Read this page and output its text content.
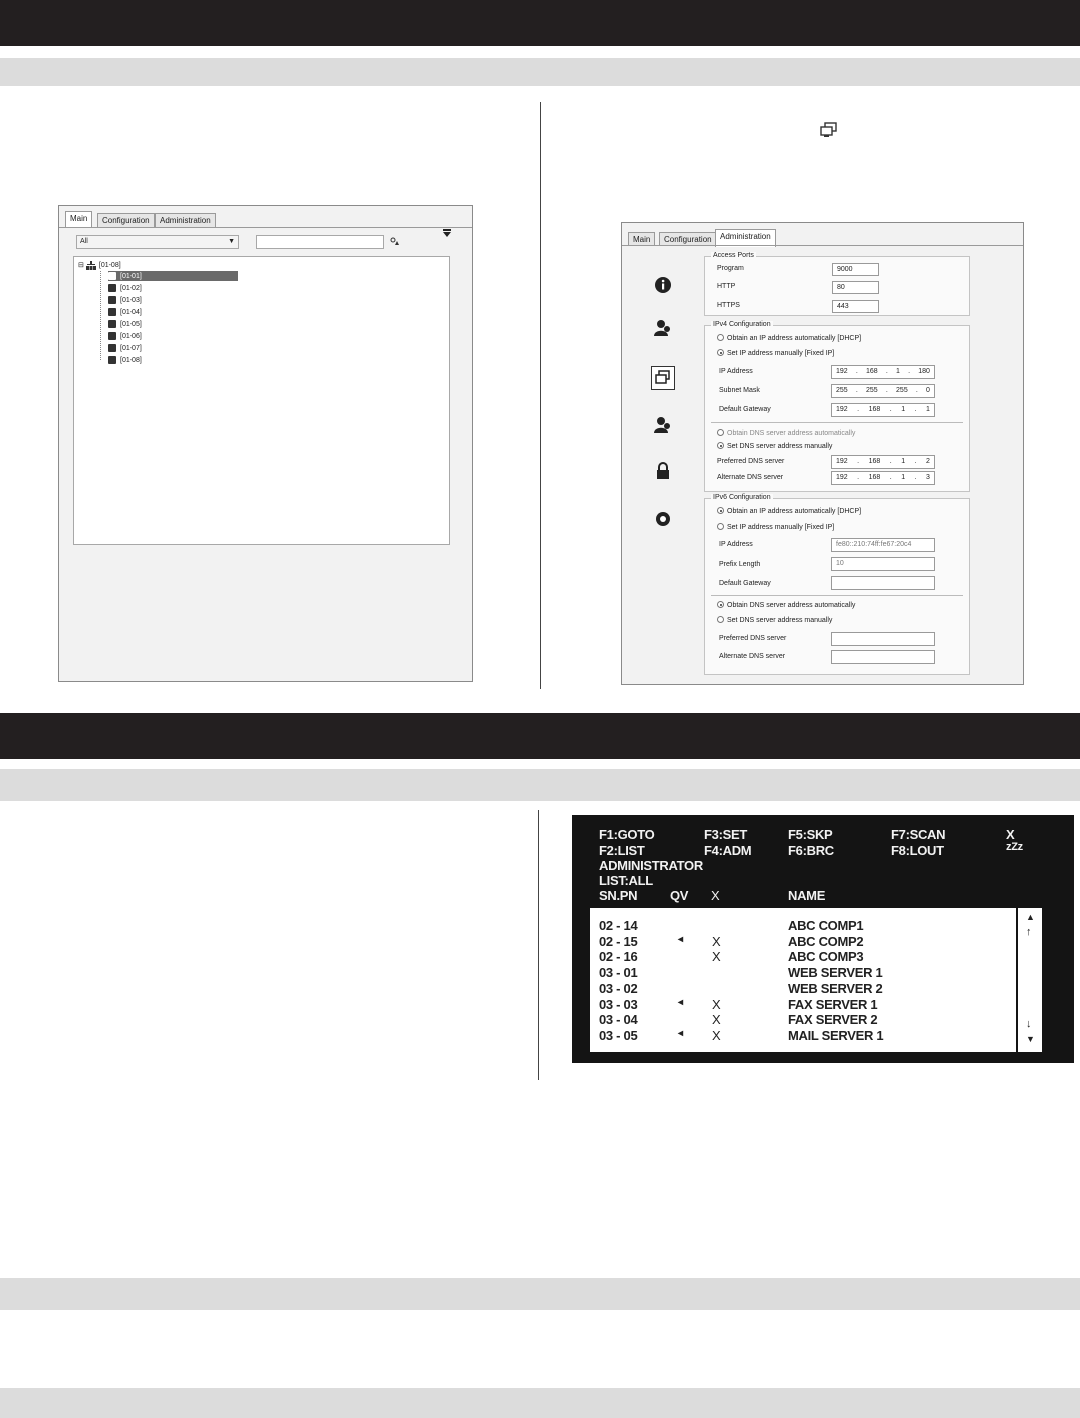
Main	Configuration	Administration
All	▼
⊟ [01-08]
[01-01]
[01-02]
[01-03]
[01-04]
[01-05]
[01-06]
[01-07]
[01-08]
Main	Configuration	Administration
Access Ports
Program	9000
HTTP	80
HTTPS	443
IPv4 Configuration
Obtain an IP address automatically [DHCP]
Set IP address manually [Fixed IP]
IP Address	192 . 168 . 1 . 180
Subnet Mask	255 . 255 . 255 . 0
Default Gateway	192 . 168 . 1 . 1
Obtain DNS server address automatically
Set DNS server address manually
Preferred DNS server	192 . 168 . 1 . 2
Alternate DNS server	192 . 168 . 1 . 3
IPv6 Configuration
Obtain an IP address automatically [DHCP]
Set IP address manually [Fixed IP]
IP Address	fe80::210:74ff:fe67:20c4
Prefix Length	10
Default Gateway
Obtain DNS server address automatically
Set DNS server address manually
Preferred DNS server
Alternate DNS server
F1:GOTO
F2:LIST
F3:SET
F4:ADM
F5:SKP
F6:BRC
F7:SCAN
F8:LOUT
X
zZz
ADMINISTRATOR
LIST:ALL
SN.PN	QV X	NAME
02 - 14	ABC COMP1
02 - 15	◂ X	ABC COMP2
02 - 16	X	ABC COMP3
03 - 01	WEB SERVER 1
03 - 02	WEB SERVER 2
03 - 03	◂ X	FAX SERVER 1
03 - 04	X	FAX SERVER 2
03 - 05	◂ X	MAIL SERVER 1
▲
↑
↓
▼
